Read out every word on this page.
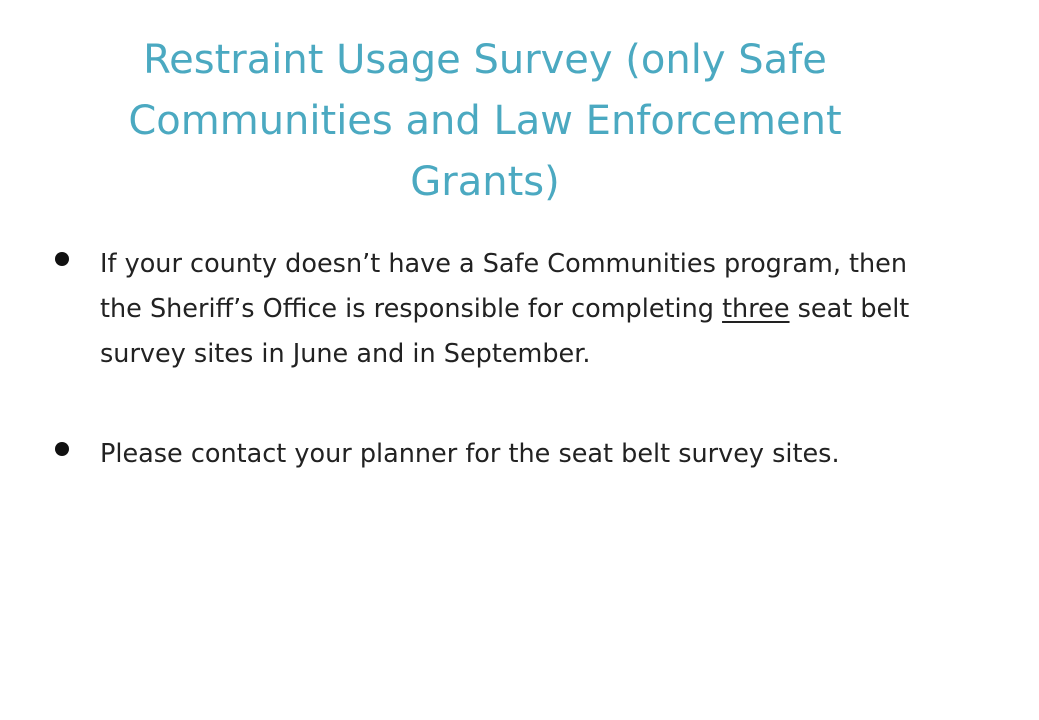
Restraint Usage Survey (only Safe Communities and Law Enforcement Grants)
If your county doesn’t have a Safe Communities program, then the Sheriff’s Office is responsible for completing three seat belt survey sites in June and in September.
Please contact your planner for the seat belt survey sites.
